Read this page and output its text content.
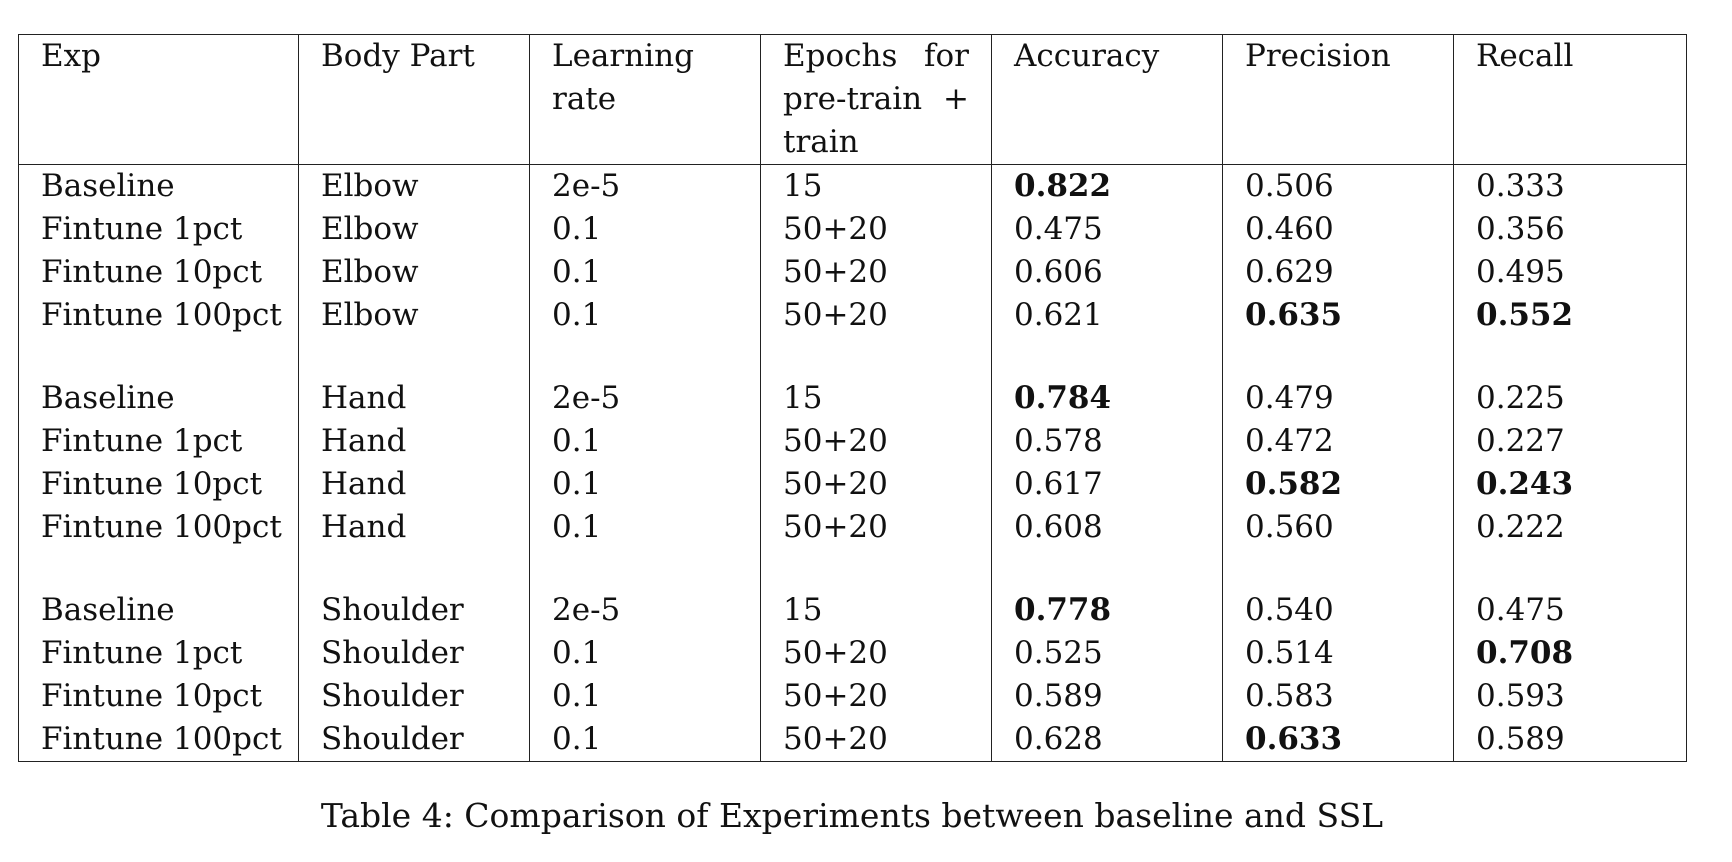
Exp	Body Part	Learning rate	Epochs for pre-train + train	Accuracy	Precision	Recall
Baseline	Elbow	2e-5	15	0.822	0.506	0.333
Fintune 1pct	Elbow	0.1	50+20	0.475	0.460	0.356
Fintune 10pct	Elbow	0.1	50+20	0.606	0.629	0.495
Fintune 100pct	Elbow	0.1	50+20	0.621	0.635	0.552

Baseline	Hand	2e-5	15	0.784	0.479	0.225
Fintune 1pct	Hand	0.1	50+20	0.578	0.472	0.227
Fintune 10pct	Hand	0.1	50+20	0.617	0.582	0.243
Fintune 100pct	Hand	0.1	50+20	0.608	0.560	0.222

Baseline	Shoulder	2e-5	15	0.778	0.540	0.475
Fintune 1pct	Shoulder	0.1	50+20	0.525	0.514	0.708
Fintune 10pct	Shoulder	0.1	50+20	0.589	0.583	0.593
Fintune 100pct	Shoulder	0.1	50+20	0.628	0.633	0.589
Table 4: Comparison of Experiments between baseline and SSL
